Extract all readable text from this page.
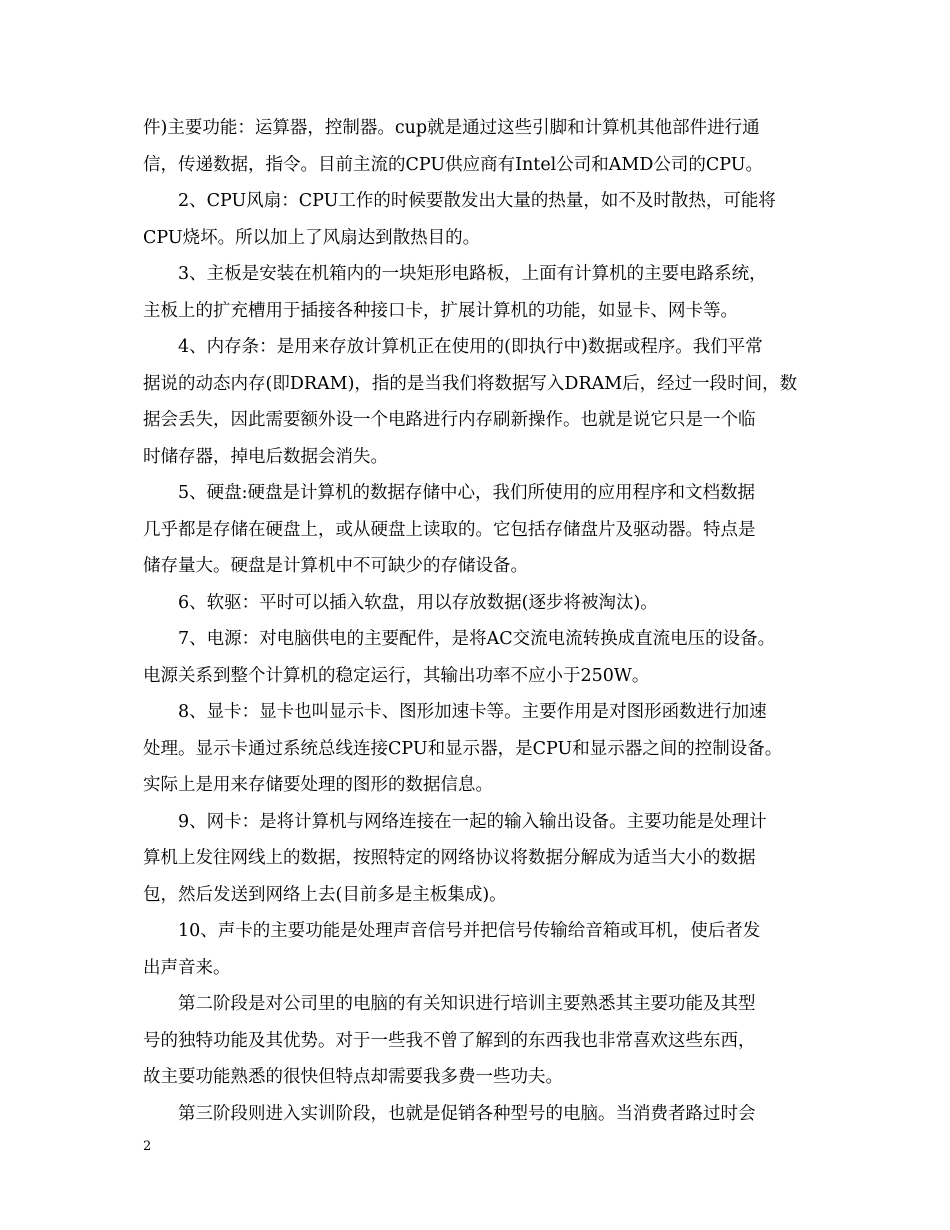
件)主要功能：运算器，控制器。cup就是通过这些引脚和计算机其他部件进行通
信，传递数据，指令。目前主流的CPU供应商有Intel公司和AMD公司的CPU。
2、CPU风扇：CPU工作的时候要散发出大量的热量，如不及时散热，可能将
CPU烧坏。所以加上了风扇达到散热目的。
3、主板是安装在机箱内的一块矩形电路板，上面有计算机的主要电路系统，
主板上的扩充槽用于插接各种接口卡，扩展计算机的功能，如显卡、网卡等。
4、内存条：是用来存放计算机正在使用的(即执行中)数据或程序。我们平常
据说的动态内存(即DRAM)，指的是当我们将数据写入DRAM后，经过一段时间，数
据会丢失，因此需要额外设一个电路进行内存刷新操作。也就是说它只是一个临
时储存器，掉电后数据会消失。
5、硬盘:硬盘是计算机的数据存储中心，我们所使用的应用程序和文档数据
几乎都是存储在硬盘上，或从硬盘上读取的。它包括存储盘片及驱动器。特点是
储存量大。硬盘是计算机中不可缺少的存储设备。
6、软驱：平时可以插入软盘，用以存放数据(逐步将被淘汰)。
7、电源：对电脑供电的主要配件，是将AC交流电流转换成直流电压的设备。
电源关系到整个计算机的稳定运行，其输出功率不应小于250W。
8、显卡：显卡也叫显示卡、图形加速卡等。主要作用是对图形函数进行加速
处理。显示卡通过系统总线连接CPU和显示器，是CPU和显示器之间的控制设备。
实际上是用来存储要处理的图形的数据信息。
9、网卡：是将计算机与网络连接在一起的输入输出设备。主要功能是处理计
算机上发往网线上的数据，按照特定的网络协议将数据分解成为适当大小的数据
包，然后发送到网络上去(目前多是主板集成)。
10、声卡的主要功能是处理声音信号并把信号传输给音箱或耳机，使后者发
出声音来。
第二阶段是对公司里的电脑的有关知识进行培训主要熟悉其主要功能及其型
号的独特功能及其优势。对于一些我不曾了解到的东西我也非常喜欢这些东西，
故主要功能熟悉的很快但特点却需要我多费一些功夫。
第三阶段则进入实训阶段，也就是促销各种型号的电脑。当消费者路过时会
2
